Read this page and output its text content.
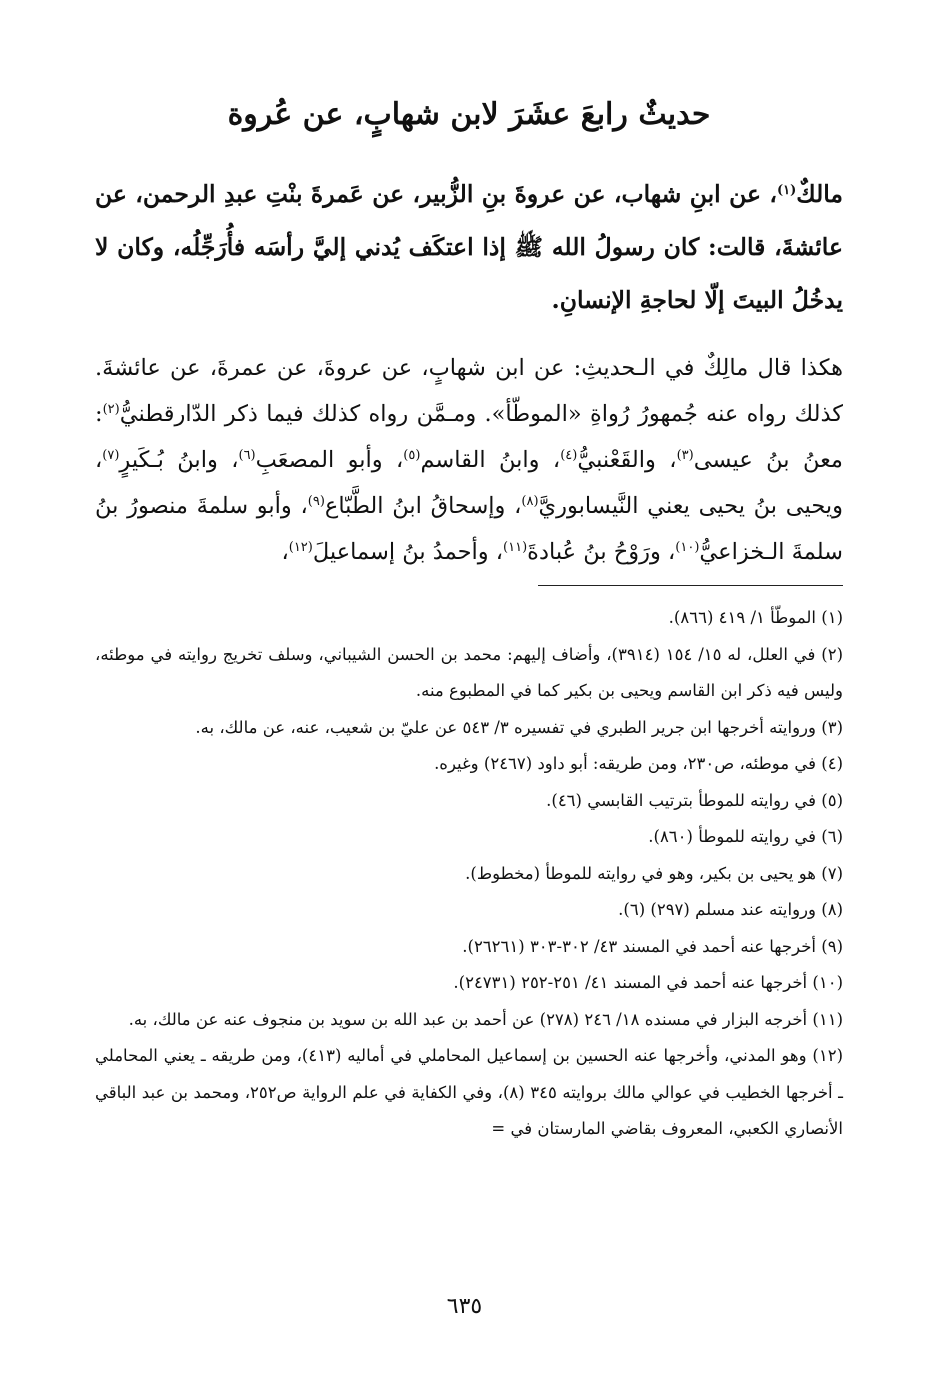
حديثٌ رابعَ عشَرَ لابن شهابٍ، عن عُروة

مالكٌ$^{(١)}$، عن ابنِ شهاب، عن عروةَ بنِ الزُّبير، عن عَمرةَ بنْتِ عبدِ الرحمن، عن عائشةَ، قالت: كان رسولُ الله ﷺ إذا اعتكَف يُدني إليَّ رأسَه فأُرَجِّلُه، وكان لا يدخُلُ البيتَ إلّا لحاجةِ الإنسانِ.

هكذا قال مالِكٌ في الـحديثِ: عن ابن شهابٍ، عن عروةَ، عن عمرةَ، عن عائشةَ. كذلك رواه عنه جُمهورُ رُواةِ «الموطّأ». ومـمَّن رواه كذلك فيما ذكر الدّارقطنيُّ$^{(٢)}$: معنُ بنُ عيسى$^{(٣)}$، والقَعْنبيُّ$^{(٤)}$، وابنُ القاسم$^{(٥)}$، وأبو المصعَبِ$^{(٦)}$، وابنُ بُـكَيرٍ$^{(٧)}$، ويحيى بنُ يحيى يعني النَّيسابوريَّ$^{(٨)}$، وإسحاقُ ابنُ الطَّبّاع$^{(٩)}$، وأبو سلمةَ منصورُ بنُ سلمةَ الـخزاعيُّ$^{(١٠)}$، ورَوْحُ بنُ عُبادةَ$^{(١١)}$، وأحمدُ بنُ إسماعيلَ$^{(١٢)}$،

(١) الموطّأ ١/ ٤١٩ (٨٦٦).

(٢) في العلل، له ١٥/ ١٥٤ (٣٩١٤)، وأضاف إليهم: محمد بن الحسن الشيباني، وسلف تخريج روايته في موطئه، وليس فيه ذكر ابن القاسم ويحيى بن بكير كما في المطبوع منه.

(٣) وروايته أخرجها ابن جرير الطبري في تفسيره ٣/ ٥٤٣ عن عليّ بن شعيب، عنه، عن مالك، به.

(٤) في موطئه، ص٢٣٠، ومن طريقه: أبو داود (٢٤٦٧) وغيره.

(٥) في روايته للموطأ بترتيب القابسي (٤٦).

(٦) في روايته للموطأ (٨٦٠).

(٧) هو يحيى بن بكير، وهو في روايته للموطأ (مخطوط).

(٨) وروايته عند مسلم (٢٩٧) (٦).

(٩) أخرجها عنه أحمد في المسند ٤٣/ ٣٠٢-٣٠٣ (٢٦٢٦١).

(١٠) أخرجها عنه أحمد في المسند ٤١/ ٢٥١-٢٥٢ (٢٤٧٣١).

(١١) أخرجه البزار في مسنده ١٨/ ٢٤٦ (٢٧٨) عن أحمد بن عبد الله بن سويد بن منجوف عنه عن مالك، به.

(١٢) وهو المدني، وأخرجها عنه الحسين بن إسماعيل المحاملي في أماليه (٤١٣)، ومن طريقه ـ يعني المحاملي ـ أخرجها الخطيب في عوالي مالك بروايته ٣٤٥ (٨)، وفي الكفاية في علم الرواية ص٢٥٢، ومحمد بن عبد الباقي الأنصاري الكعبي، المعروف بقاضي المارستان في =

٦٣٥
